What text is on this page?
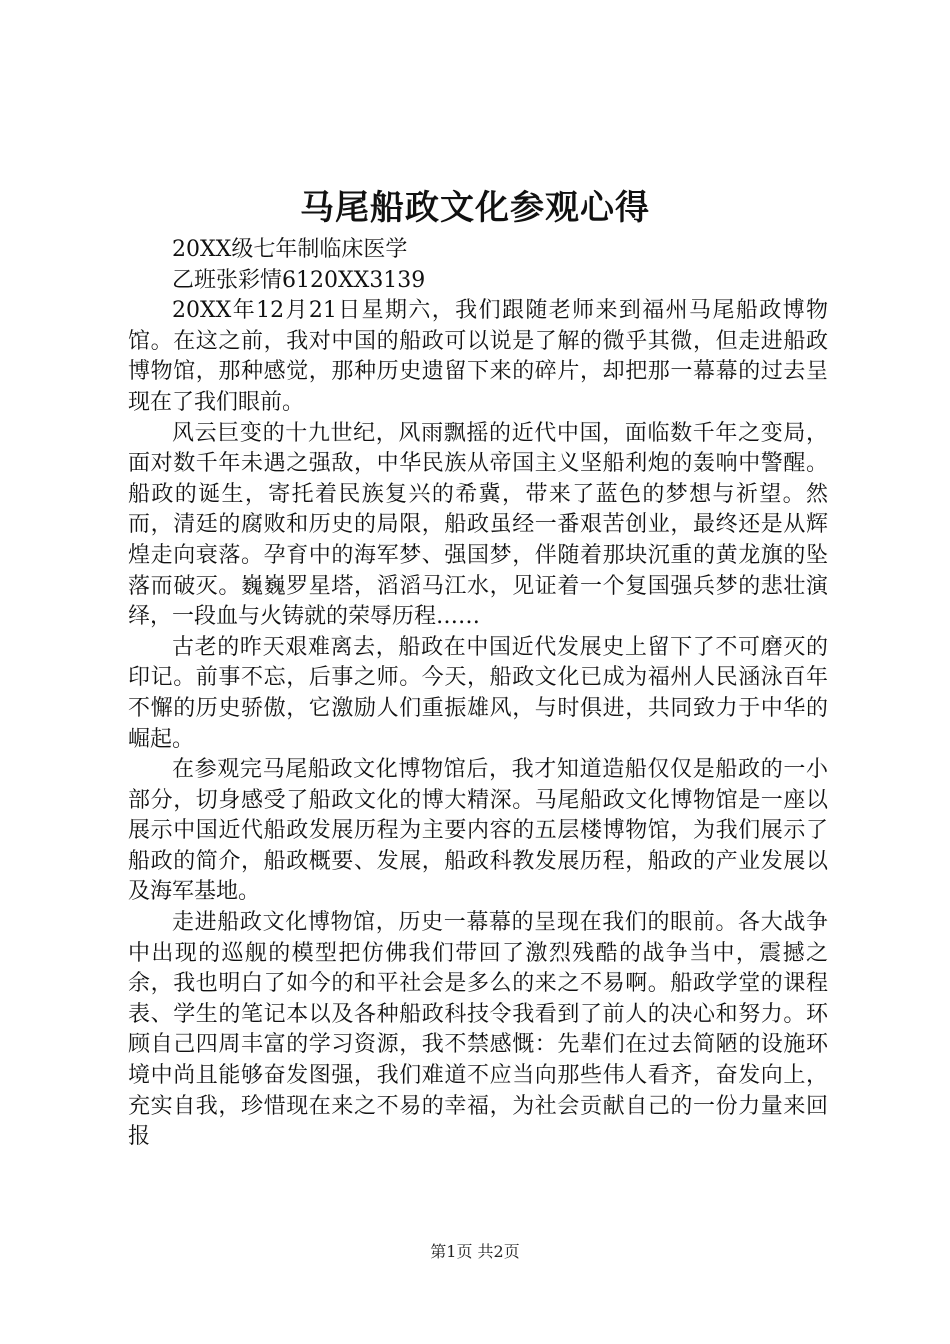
马尾船政文化参观心得

20XX级七年制临床医学

乙班张彩情6120XX3139

20XX年12月21日星期六，我们跟随老师来到福州马尾船政博物馆。在这之前，我对中国的船政可以说是了解的微乎其微，但走进船政博物馆，那种感觉，那种历史遗留下来的碎片，却把那一幕幕的过去呈现在了我们眼前。

风云巨变的十九世纪，风雨飘摇的近代中国，面临数千年之变局，面对数千年未遇之强敌，中华民族从帝国主义坚船利炮的轰响中警醒。船政的诞生，寄托着民族复兴的希冀，带来了蓝色的梦想与祈望。然而，清廷的腐败和历史的局限，船政虽经一番艰苦创业，最终还是从辉煌走向衰落。孕育中的海军梦、强国梦，伴随着那块沉重的黄龙旗的坠落而破灭。巍巍罗星塔，滔滔马江水，见证着一个复国强兵梦的悲壮演绎，一段血与火铸就的荣辱历程……

古老的昨天艰难离去，船政在中国近代发展史上留下了不可磨灭的印记。前事不忘，后事之师。今天，船政文化已成为福州人民涵泳百年不懈的历史骄傲，它激励人们重振雄风，与时俱进，共同致力于中华的崛起。

在参观完马尾船政文化博物馆后，我才知道造船仅仅是船政的一小部分，切身感受了船政文化的博大精深。马尾船政文化博物馆是一座以展示中国近代船政发展历程为主要内容的五层楼博物馆，为我们展示了船政的简介，船政概要、发展，船政科教发展历程，船政的产业发展以及海军基地。

走进船政文化博物馆，历史一幕幕的呈现在我们的眼前。各大战争中出现的巡舰的模型把仿佛我们带回了激烈残酷的战争当中，震撼之余，我也明白了如今的和平社会是多么的来之不易啊。船政学堂的课程表、学生的笔记本以及各种船政科技令我看到了前人的决心和努力。环顾自己四周丰富的学习资源，我不禁感慨：先辈们在过去简陋的设施环境中尚且能够奋发图强，我们难道不应当向那些伟人看齐，奋发向上，充实自我，珍惜现在来之不易的幸福，为社会贡献自己的一份力量来回报

第1页 共2页
